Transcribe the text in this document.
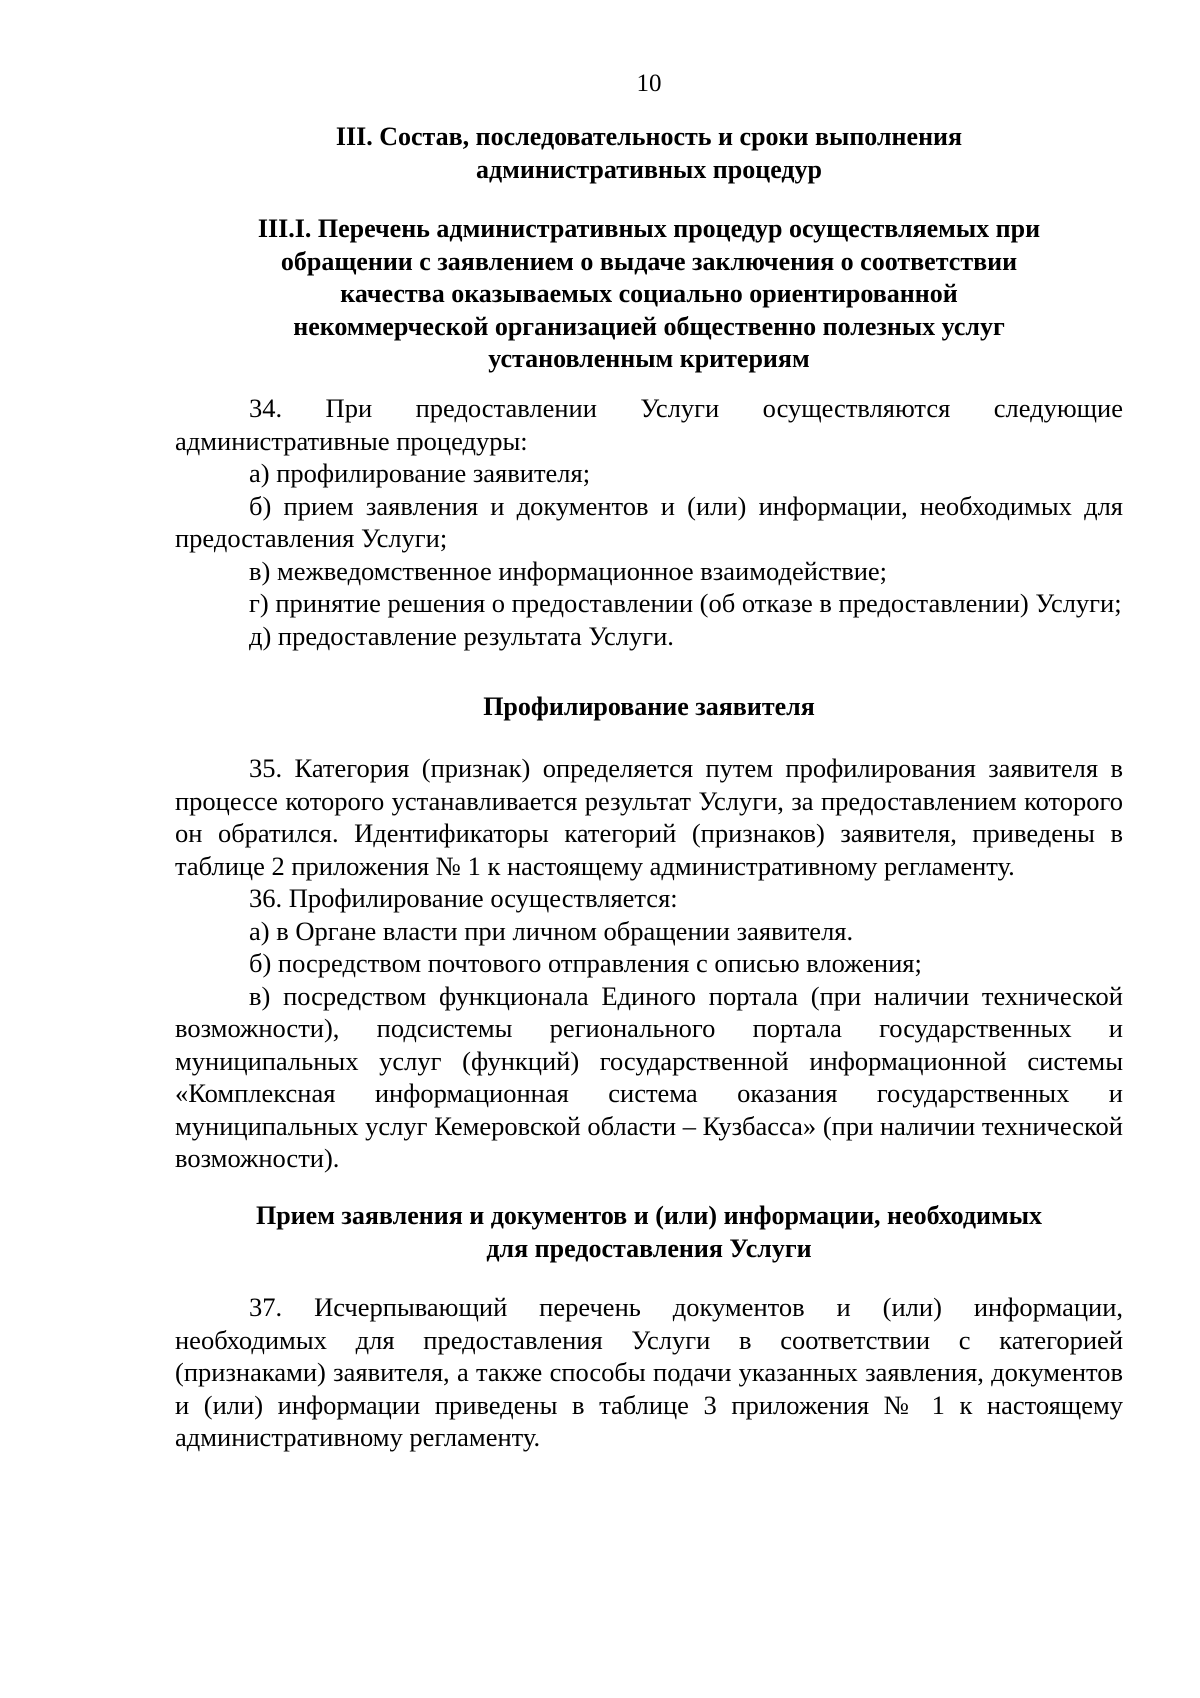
10
III. Состав, последовательность и сроки выполнения
административных процедур
III.I. Перечень административных процедур осуществляемых при
обращении с заявлением о выдаче заключения о соответствии
качества оказываемых социально ориентированной
некоммерческой организацией общественно полезных услуг
установленным критериям

34. При предоставлении Услуги осуществляются следующие административные процедуры:

а) профилирование заявителя;

б) прием заявления и документов и (или) информации, необходимых для предоставления Услуги;

в) межведомственное информационное взаимодействие;

г) принятие решения о предоставлении (об отказе в предоставлении) Услуги;

д) предоставление результата Услуги.

Профилирование заявителя

35. Категория (признак) определяется путем профилирования заявителя в процессе которого устанавливается результат Услуги, за предоставлением которого он обратился. Идентификаторы категорий (признаков) заявителя, приведены в таблице 2 приложения № 1 к настоящему административному регламенту.

36. Профилирование осуществляется:

а) в Органе власти при личном обращении заявителя.

б) посредством почтового отправления с описью вложения;

в) посредством функционала Единого портала (при наличии технической возможности), подсистемы регионального портала государственных и муниципальных услуг (функций) государственной информационной системы «Комплексная информационная система оказания государственных и муниципальных услуг Кемеровской области – Кузбасса» (при наличии технической возможности).

Прием заявления и документов и (или) информации, необходимых
для предоставления Услуги

37. Исчерпывающий перечень документов и (или) информации, необходимых для предоставления Услуги в соответствии с категорией (признаками) заявителя, а также способы подачи указанных заявления, документов и (или) информации приведены в таблице 3 приложения № 1 к настоящему административному регламенту.
